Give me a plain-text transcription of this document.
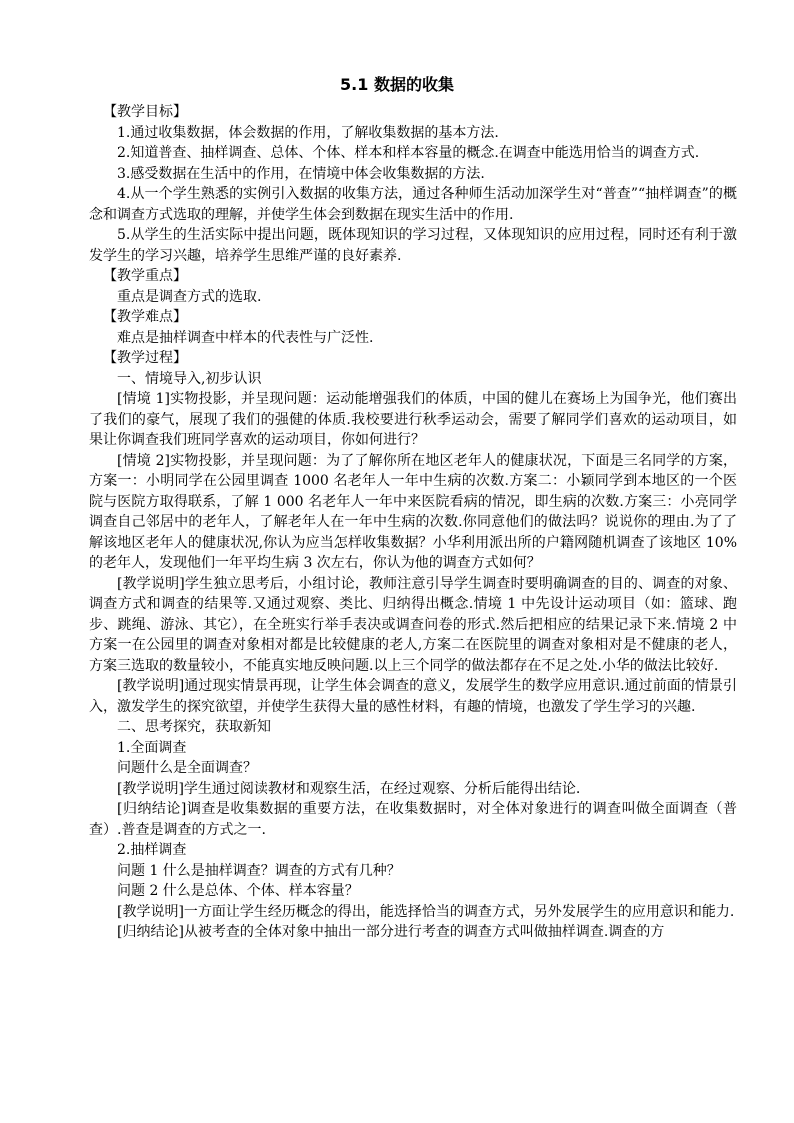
5.1 数据的收集

【教学目标】

1.通过收集数据，体会数据的作用，了解收集数据的基本方法.

2.知道普查、抽样调查、总体、个体、样本和样本容量的概念.在调查中能选用恰当的调查方式.

3.感受数据在生活中的作用，在情境中体会收集数据的方法.

4.从一个学生熟悉的实例引入数据的收集方法，通过各种师生活动加深学生对“普查”“抽样调查”的概念和调查方式选取的理解，并使学生体会到数据在现实生活中的作用.

5.从学生的生活实际中提出问题，既体现知识的学习过程，又体现知识的应用过程，同时还有利于激发学生的学习兴趣，培养学生思维严谨的良好素养.

【教学重点】

重点是调查方式的选取.

【教学难点】

难点是抽样调查中样本的代表性与广泛性.

【教学过程】

一、情境导入,初步认识

[情境 1]实物投影，并呈现问题：运动能增强我们的体质，中国的健儿在赛场上为国争光，他们赛出了我们的豪气，展现了我们的强健的体质.我校要进行秋季运动会，需要了解同学们喜欢的运动项目，如果让你调查我们班同学喜欢的运动项目，你如何进行？

[情境 2]实物投影，并呈现问题：为了了解你所在地区老年人的健康状况，下面是三名同学的方案，方案一：小明同学在公园里调查 1000 名老年人一年中生病的次数.方案二：小颖同学到本地区的一个医院与医院方取得联系，了解 1 000 名老年人一年中来医院看病的情况，即生病的次数.方案三：小亮同学调查自己邻居中的老年人，了解老年人在一年中生病的次数.你同意他们的做法吗？说说你的理由.为了了解该地区老年人的健康状况,你认为应当怎样收集数据？小华利用派出所的户籍网随机调查了该地区 10%的老年人，发现他们一年平均生病 3 次左右，你认为他的调查方式如何？

[教学说明]学生独立思考后，小组讨论，教师注意引导学生调查时要明确调查的目的、调查的对象、调查方式和调查的结果等.又通过观察、类比、归纳得出概念.情境 1 中先设计运动项目（如：篮球、跑步、跳绳、游泳、其它），在全班实行举手表决或调查问卷的形式.然后把相应的结果记录下来.情境 2 中方案一在公园里的调查对象相对都是比较健康的老人,方案二在医院里的调查对象相对是不健康的老人，方案三选取的数量较小，不能真实地反映问题.以上三个同学的做法都存在不足之处.小华的做法比较好.

[教学说明]通过现实情景再现，让学生体会调查的意义，发展学生的数学应用意识.通过前面的情景引入，激发学生的探究欲望，并使学生获得大量的感性材料，有趣的情境，也激发了学生学习的兴趣.

二、思考探究，获取新知

1.全面调查

问题什么是全面调查？

[教学说明]学生通过阅读教材和观察生活，在经过观察、分析后能得出结论.

[归纳结论]调查是收集数据的重要方法，在收集数据时，对全体对象进行的调查叫做全面调查（普查）.普查是调查的方式之一.

2.抽样调查

问题 1 什么是抽样调查？调查的方式有几种？

问题 2 什么是总体、个体、样本容量？

[教学说明]一方面让学生经历概念的得出，能选择恰当的调查方式，另外发展学生的应用意识和能力.

[归纳结论]从被考查的全体对象中抽出一部分进行考查的调查方式叫做抽样调查.调查的方
